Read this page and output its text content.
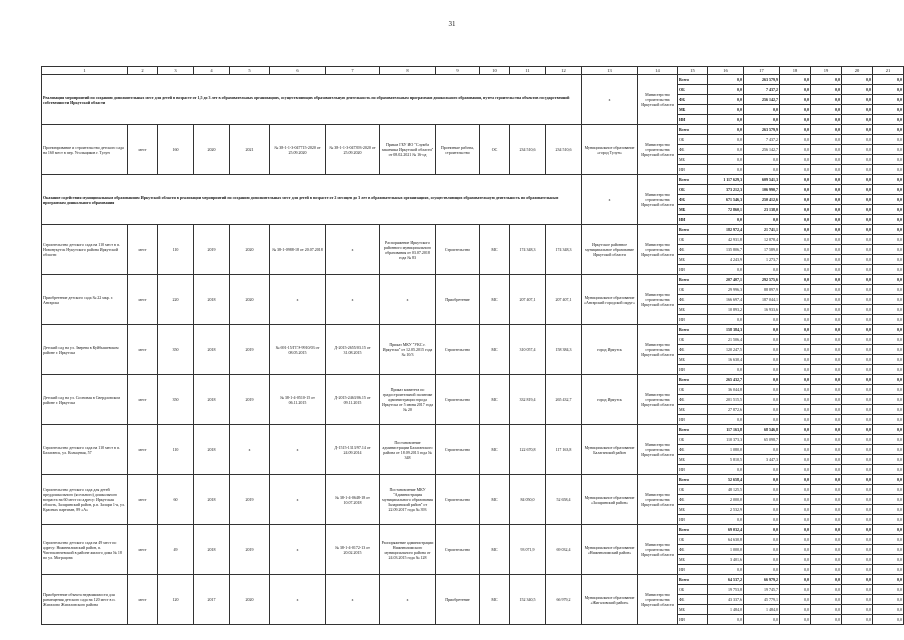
31
1	2	3	4	5	6	7	8	9	10	11	12	13	14	15	16	17	18	19	20	21
Реализация мероприятий по созданию дополнительных мест для детей в возрасте от 1,5 до 3 лет в образовательных организациях, осуществляющих образовательную деятельность по образовательным программам дошкольного образования, путем строительства объектов государственной собственности Иркутской области												x	Министерство строительства Иркутской области	Всего	0,0	263 579,9	0,0	0,0	0,0	0,0
														ОБ	0,0	7 437,2	0,0	0,0	0,0	0,0
														ФБ	0,0	256 142,7	0,0	0,0	0,0	0,0
														МБ	0,0	0,0	0,0	0,0	0,0	0,0
														ИИ	0,0	0,0	0,0	0,0	0,0	0,0
Проектирование и строительство детского сада на 160 мест в пер. Угольщиков г. Тулун	мест	160	2020	2021	№ 38-1-1-3-047715-2020 от 25.09.2020	№ 38-1-1-3-047393-2020 от 25.09.2020	Приказ ГБУ ИО "Служба заказчика Иркутской области" от 08.02.2021 № 16-од	Проектные работы, строительство	ОС	234 510,6	234 510,6	Муниципальное образование «город Тулун»	Министерство строительства Иркутской области	Всего	0,0	263 579,9	0,0	0,0	0,0	0,0
														ОБ	0,0	7 437,2	0,0	0,0	0,0	0,0
														ФБ	0,0	256 142,7	0,0	0,0	0,0	0,0
														МБ	0,0	0,0	0,0	0,0	0,0	0,0
														ИИ	0,0	0,0	0,0	0,0	0,0	0,0
Оказание содействия муниципальным образованиям Иркутской области в реализации мероприятий по созданию дополнительных мест для детей в возрасте от 2 месяцев до 3 лет в образовательных организациях, осуществляющих образовательную деятельность по образовательным программам дошкольного образования												x	Министерство строительства Иркутской области	Всего	1 117 629,3	609 541,3	0,0	0,0	0,0	0,0
														ОБ	373 212,3	106 990,7	0,0	0,0	0,0	0,0
														ФБ	671 546,3	250 412,6	0,0	0,0	0,0	0,0
														МБ	72 860,1	23 138,0	0,0	0,0	0,0	0,0
														ИИ	0,0	0,0	0,0	0,0	0,0	0,0
Строительство детского сада на 110 мест в п. Новонукутск Нукутского района Иркутской области	мест	110	2019	2020	№ 38-1-0988-18 от 20.07.2018	x	Распоряжение Иркутского районного муниципального образования от 03.07.2018 года № 83	Строительство	МС	174 348,3	174 348,3	Иркутское районное муниципальное образование Иркутской области	Министерство строительства Иркутской области	Всего	182 972,4	21 741,1	0,0	0,0	0,0	0,0
														ОБ	42 931,8	12 878,4	0,0	0,0	0,0	0,0
														ФБ	135 806,7	17 589,0	0,0	0,0	0,0	0,0
														МБ	4 243,9	1 273,7	0,0	0,0	0,0	0,0
														ИИ	0,0	0,0	0,0	0,0	0,0	0,0
Приобретение детского сада № 22 мкр. г. Ангарска	мест	220	2018	2020	x	x	x	Приобретение	МС	207 407,1	207 407,1	Муниципальное образование «Ангарский городской округ»	Министерство строительства Иркутской области	Всего	207 407,1	292 575,6	0,0	0,0	0,0	0,0
														ОБ	29 996,3	88 897,9	0,0	0,0	0,0	0,0
														ФБ	166 697,4	187 044,1	0,0	0,0	0,0	0,0
														МБ	10 893,2	16 933,6	0,0	0,0	0,0	0,0
														ИИ	0,0	0,0	0,0	0,0	0,0	0,0
Детский сад на ул. Зверева в Куйбышевском районе г. Иркутска	мест	350	2018	2019	№ 691-15/ГГЭ-9910/03 от 08.05.2015	Д-2015-2655/03.15 от 31.08.2015	Приказ МКУ "УКС г. Иркутска" от 12.05.2015 года № 10/3	Строительство	МС	310 057,4	158 384,3	город Иркутск	Министерство строительства Иркутской области	Всего	158 384,3	0,0	0,0	0,0	0,0	0,0
														ОБ	21 506,4	0,0	0,0	0,0	0,0	0,0
														ФБ	120 247,5	0,0	0,0	0,0	0,0	0,0
														МБ	16 630,4	0,0	0,0	0,0	0,0	0,0
														ИИ	0,0	0,0	0,0	0,0	0,0	0,0
Детский сад на ул. Сосновая в Свердловском районе г. Иркутска	мест	350	2018	2019	№ 38-1-4-0510-15 от 06.11.2015	Д-2015-2463/06.15 от 09.11.2015	Приказ комитета по градостроительной политике администрации города Иркутска от 5 июня 2017 года № 20	Строительство	МС	332 819,4	265 432,7	город Иркутск	Министерство строительства Иркутской области	Всего	265 432,7	0,0	0,0	0,0	0,0	0,0
														ОБ	36 044,8	0,0	0,0	0,0	0,0	0,0
														ФБ	201 515,5	0,0	0,0	0,0	0,0	0,0
														МБ	27 872,6	0,0	0,0	0,0	0,0	0,0
														ИИ	0,0	0,0	0,0	0,0	0,0	0,0
Строительство детского сада на 110 мест в п. Балаганск, ул. Кольцевая, 57	мест	110	2018	x	x	Д-1515-1313/97.14 от 24.09.2014	Постановление администрации Балаганского района от 18.09.2013 года № 348	Строительство	МС	122 670,8	117 163,8	Муниципальное образование Балаганский район	Министерство строительства Иркутской области	Всего	117 163,8	68 546,8	0,0	0,0	0,0	0,0
														ОБ	110 373,3	65 098,7	0,0	0,0	0,0	0,0
														ФБ	1 080,0	0,0	0,0	0,0	0,0	0,0
														МБ	5 810,5	3 447,3	0,0	0,0	0,0	0,0
														ИИ	0,0	0,0	0,0	0,0	0,0	0,0
Строительство детского сада для детей преддошкольного (ясельного) дошкольного возраста на 60 мест по адресу: Иркутская область, Заларинский район, р.п. Залари 1-я, ул. Красных партизан, 89 «А»	мест	60	2018	2019	x	№ 38-1-4-0648-18 от 10.07.2018	Постановление МКУ "Администрация муниципального образования Заларинский район" от 22.09.2017 года № 393	Строительство	МС	84 050,0	52 658,4	Муниципальное образование «Заларинский район»	Министерство строительства Иркутской области	Всего	52 658,4	0,0	0,0	0,0	0,0	0,0
														ОБ	48 125,5	0,0	0,0	0,0	0,0	0,0
														ФБ	2 000,0	0,0	0,0	0,0	0,0	0,0
														МБ	2 532,9	0,0	0,0	0,0	0,0	0,0
														ИИ	0,0	0,0	0,0	0,0	0,0	0,0
Строительство детского сада на 49 мест по адресу: Нижнеилимский район, п. Чистоключевский в районе жилого дома № 18 по ул. Мограцова	мест	49	2018	2019	x	№ 38-1-4-0172-13 от 20.02.2015	Распоряжение администрации Нижнеилимского муниципального района от 24.03.2015 года № 128	Строительство	МС	93 071,9	69 032,4	Муниципальное образование «Нижнеилимский район»	Министерство строительства Иркутской области	Всего	69 032,4	0,0	0,0	0,0	0,0	0,0
														ОБ	64 630,8	0,0	0,0	0,0	0,0	0,0
														ФБ	1 000,0	0,0	0,0	0,0	0,0	0,0
														МБ	3 401,6	0,0	0,0	0,0	0,0	0,0
														ИИ	0,0	0,0	0,0	0,0	0,0	0,0
Приобретение объекта недвижимости для размещения детского сада на 120 мест в п. Жигалово Жигаловского района	мест	120	2017	2020	x	x	x	Приобретение	МС	152 340,5	66 979,2	Муниципальное образование «Жигаловский район»	Министерство строительства Иркутской области	Всего	64 537,2	66 979,2	0,0	0,0	0,0	0,0
														ОБ	19 753,8	19 745,7	0,0	0,0	0,0	0,0
														ФБ	43 337,6	45 779,1	0,0	0,0	0,0	0,0
														МБ	1 484,0	1 484,0	0,0	0,0	0,0	0,0
														ИИ	0,0	0,0	0,0	0,0	0,0	0,0
